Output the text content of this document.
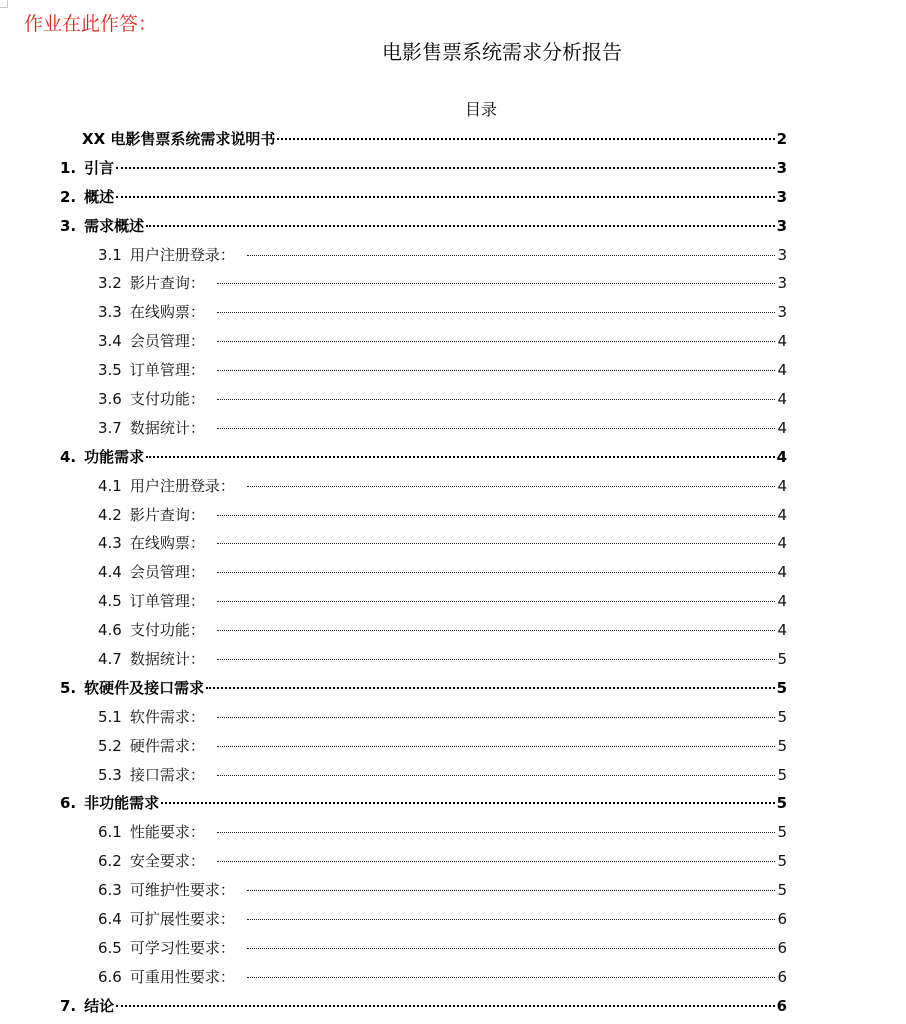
作业在此作答：
电影售票系统需求分析报告
目录
XX 电影售票系统需求说明书	2
1. 引言	3
2. 概述	3
3. 需求概述	3
3.1 用户注册登录：	3
3.2 影片查询：	3
3.3 在线购票：	3
3.4 会员管理：	4
3.5 订单管理：	4
3.6 支付功能：	4
3.7 数据统计：	4
4. 功能需求	4
4.1 用户注册登录：	4
4.2 影片查询：	4
4.3 在线购票：	4
4.4 会员管理：	4
4.5 订单管理：	4
4.6 支付功能：	4
4.7 数据统计：	5
5. 软硬件及接口需求	5
5.1 软件需求：	5
5.2 硬件需求：	5
5.3 接口需求：	5
6. 非功能需求	5
6.1 性能要求：	5
6.2 安全要求：	5
6.3 可维护性要求：	5
6.4 可扩展性要求：	6
6.5 可学习性要求：	6
6.6 可重用性要求：	6
7. 结论	6
